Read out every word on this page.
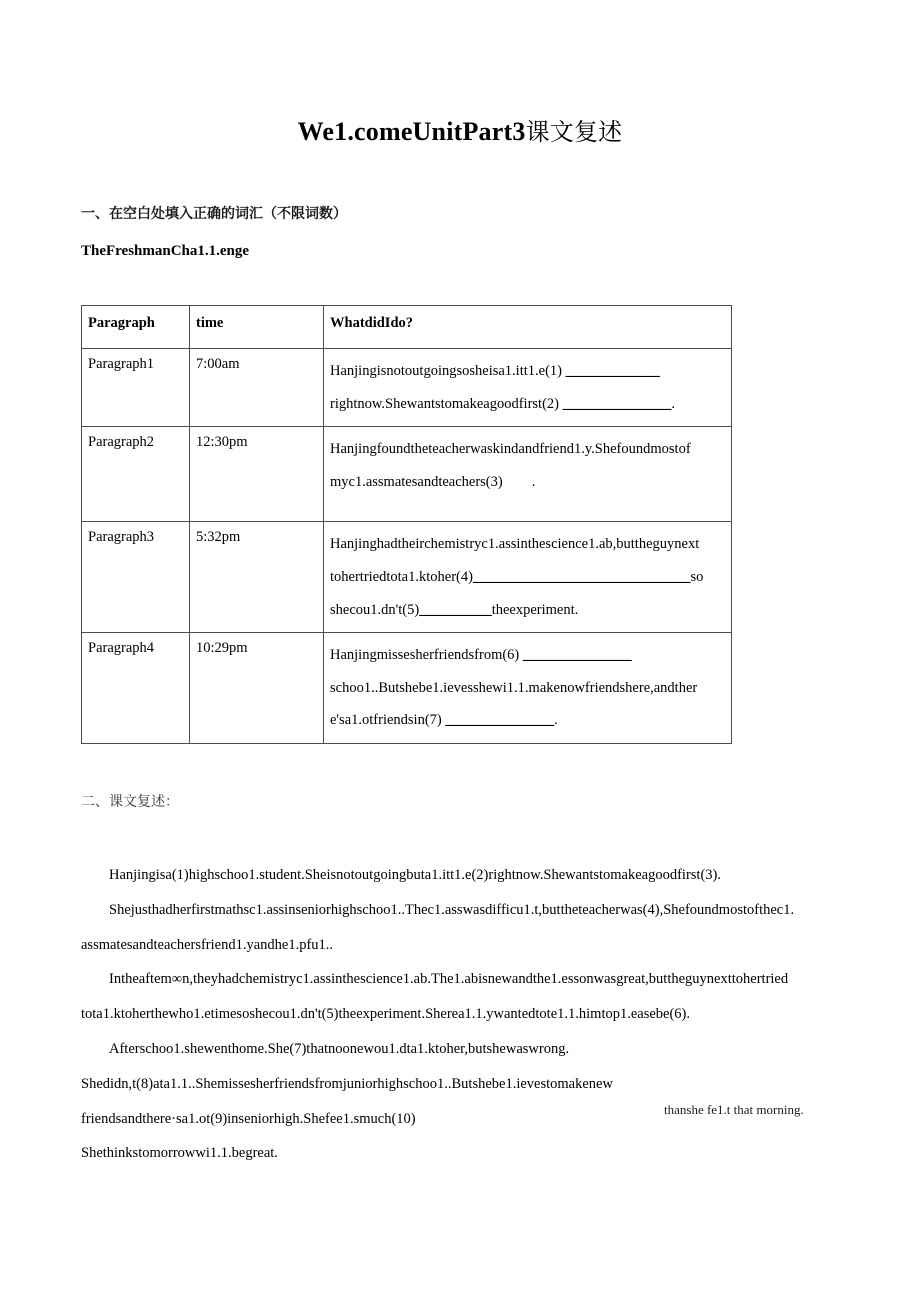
We1.comeUnitPart3课文复述
一、在空白处填入正确的词汇（不限词数）
TheFreshmanCha1.1.enge
Paragraph	time	WhatdidIdo?
Paragraph1	7:00am	Hanjingisnotoutgoingsosheisa1.itt1.e(1) _____________
rightnow.Shewantstomakeagoodfirst(2) _______________.

Paragraph2	12:30pm	Hanjingfoundtheteacherwaskindandfriend1.y.Shefoundmostof
myc1.assmatesandteachers(3) .

Paragraph3	5:32pm	Hanjinghadtheirchemistryc1.assinthescience1.ab,buttheguynext
tohertriedtota1.ktoher(4)______________________________so
shecou1.dn't(5)__________theexperiment.

Paragraph4	10:29pm	Hanjingmissesherfriendsfrom(6) _______________
schoo1..Butshebe1.ievesshewi1.1.makenowfriendshere,andther
e'sa1.otfriendsin(7) _______________.
二、课文复述：

Hanjingisa(1)highschoo1.student.Sheisnotoutgoingbuta1.itt1.e(2)rightnow.Shewantstomakeagoodfirst(3).

Shejusthadherfirstmathsc1.assinseniorhighschoo1..Thec1.asswasdifficu1.t,buttheteacherwas(4),Shefoundmostofthec1.

assmatesandteachersfriend1.yandhe1.pfu1..

Intheaftem∞n,theyhadchemistryc1.assinthescience1.ab.The1.abisnewandthe1.essonwasgreat,buttheguynexttohertried

tota1.ktoherthewho1.etimesoshecou1.dn't(5)theexperiment.Sherea1.1.ywantedtote1.1.himtop1.easebe(6).

Afterschoo1.shewenthome.She(7)thatnoonewou1.dta1.ktoher,butshewaswrong.

Shedidn,t(8)ata1.1..Shemissesherfriendsfromjuniorhighschoo1..Butshebe1.ievestomakenew

friendsandthere·sa1.ot(9)inseniorhigh.Shefee1.smuch(10)

thanshe fe1.t that morning.

Shethinkstomorrowwi1.1.begreat.
